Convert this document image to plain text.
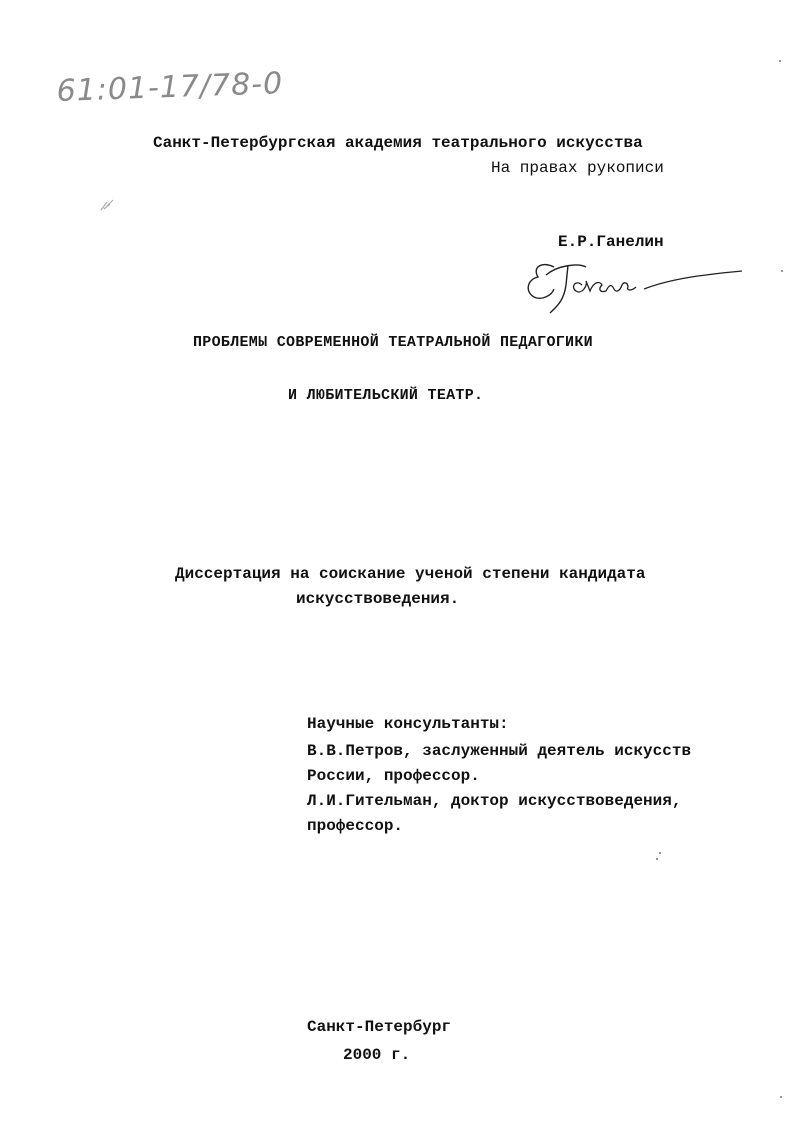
61:01-17/78-0
Санкт-Петербургская академия театрального искусства
На правах рукописи
Е.Р.Ганелин
ПРОБЛЕМЫ СОВРЕМЕННОЙ ТЕАТРАЛЬНОЙ ПЕДАГОГИКИ
И ЛЮБИТЕЛЬСКИЙ ТЕАТР.
Диссертация на соискание ученой степени кандидата
искусствоведения.
Научные консультанты:
В.В.Петров, заслуженный деятель искусств
России, профессор.
Л.И.Гительман, доктор искусствоведения,
профессор.
Санкт-Петербург
2000 г.
